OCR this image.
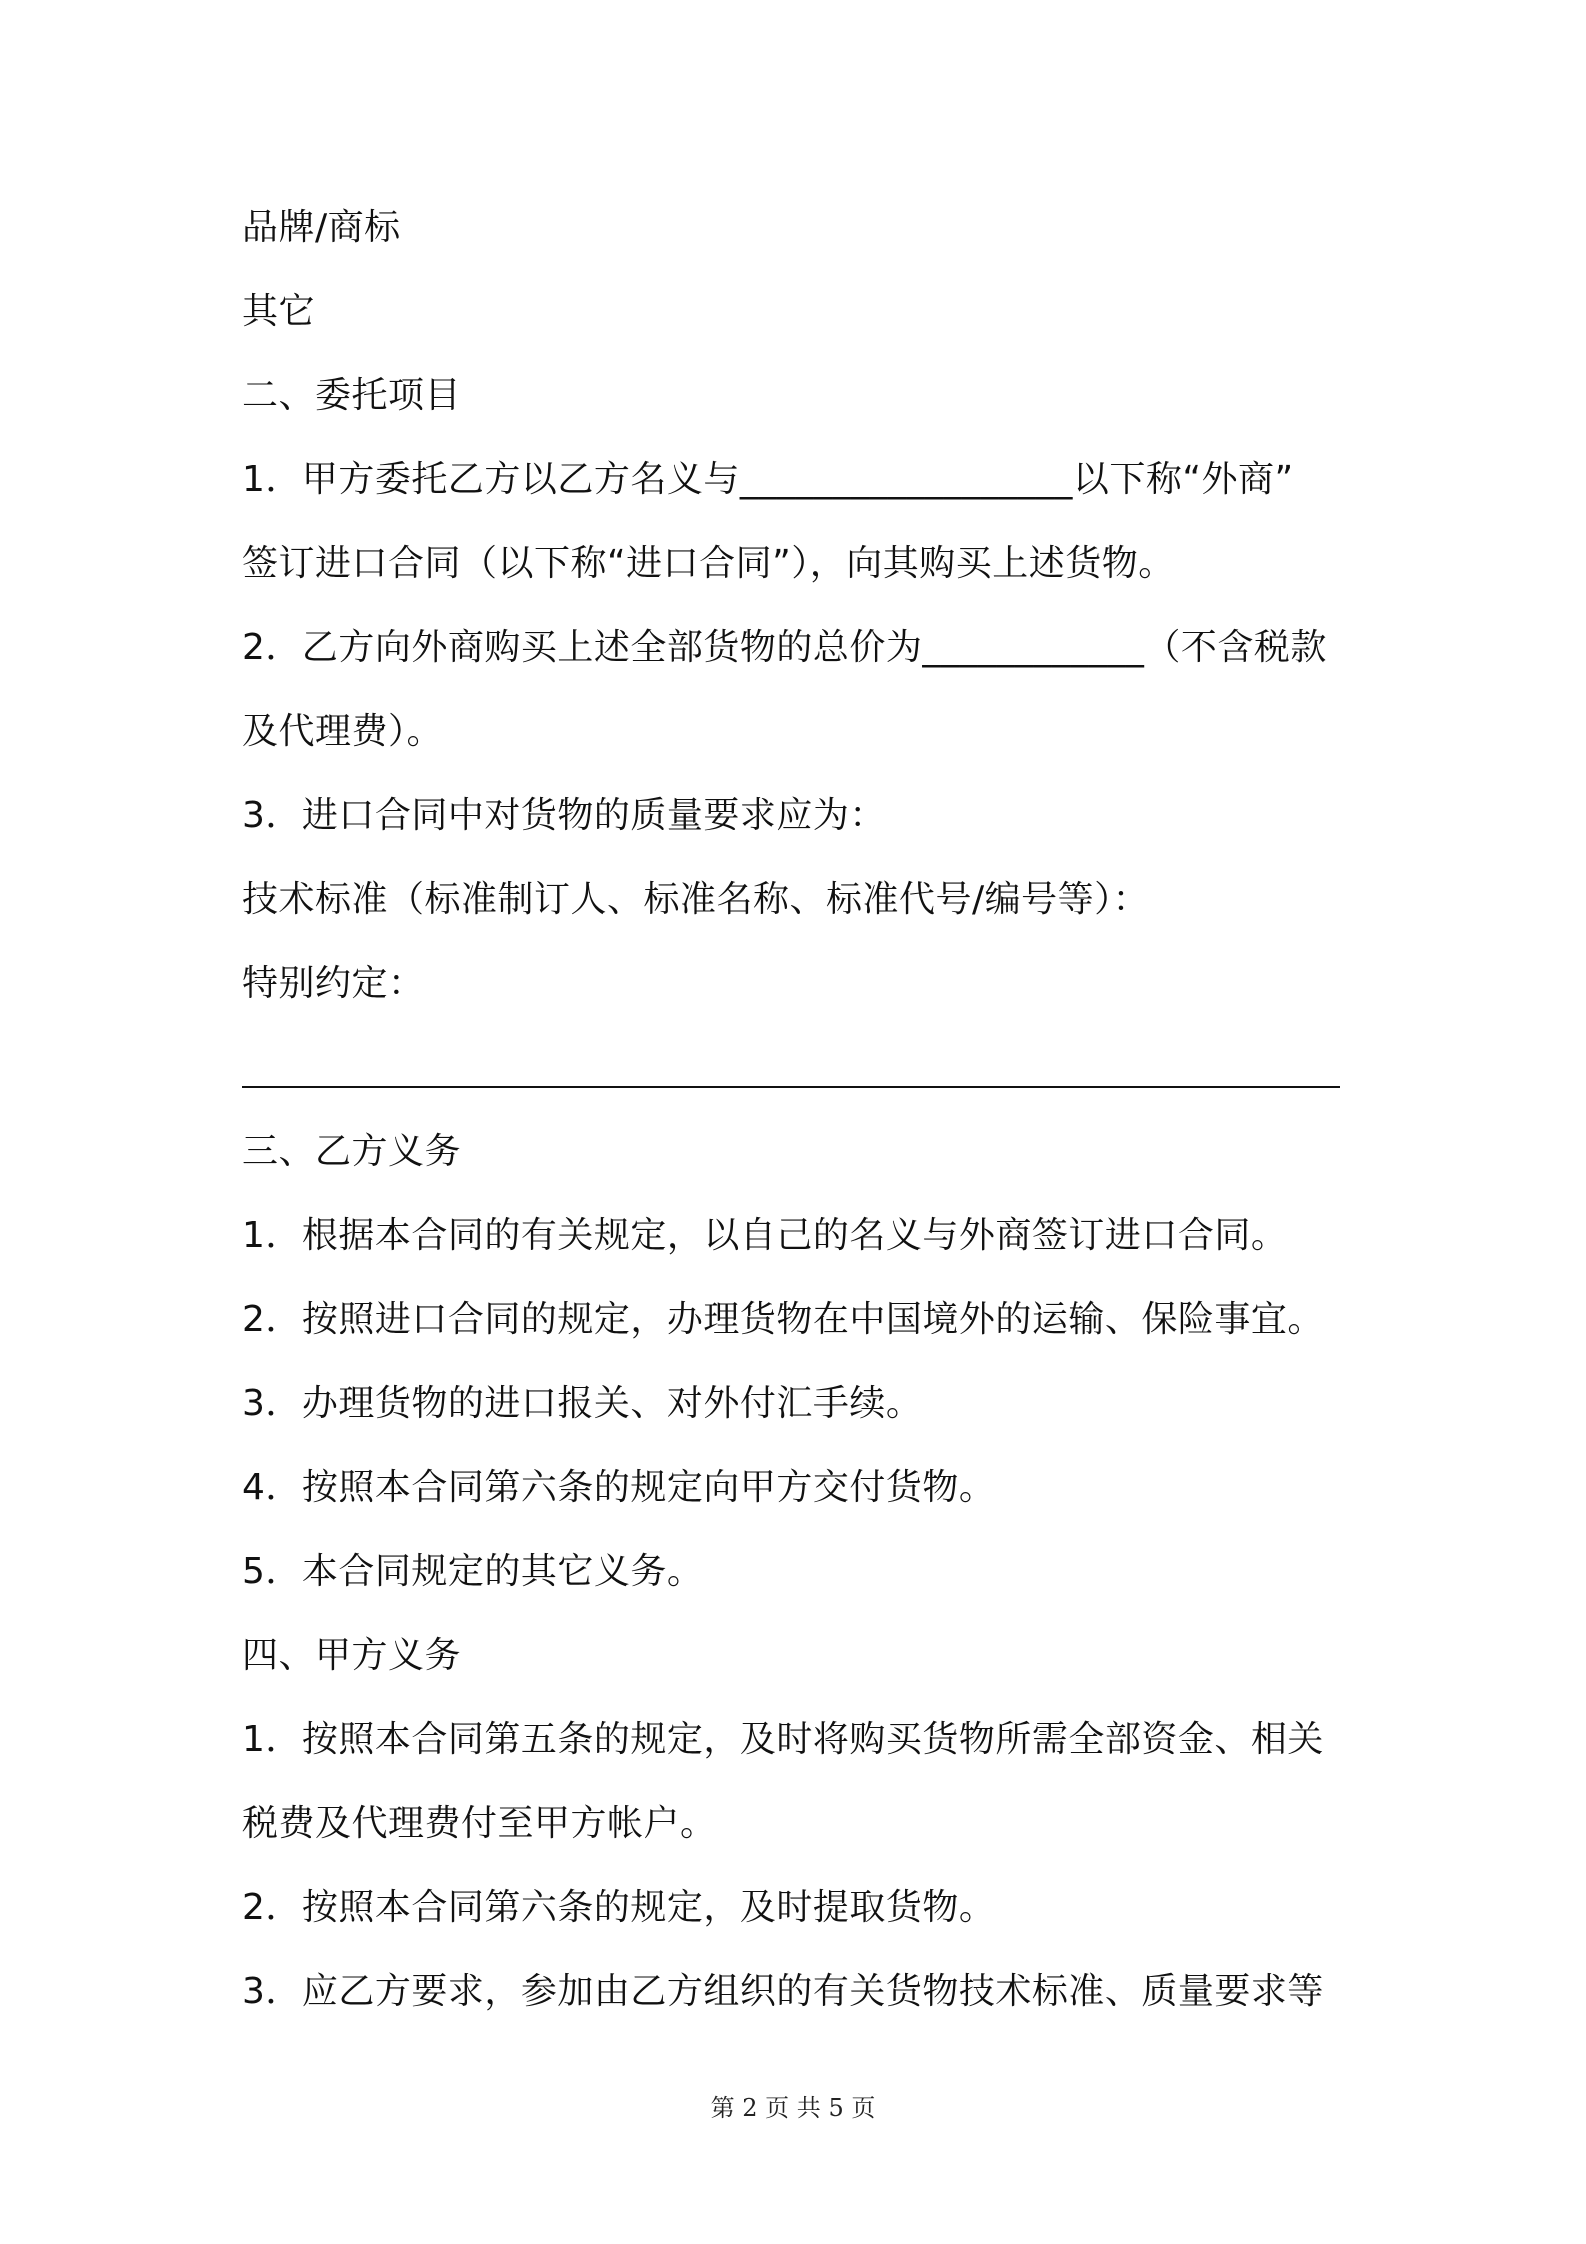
品牌/商标
其它
二、委托项目
1．甲方委托乙方以乙方名义与__________________以下称“外商”
签订进口合同（以下称“进口合同”），向其购买上述货物。
2．乙方向外商购买上述全部货物的总价为____________（不含税款
及代理费）。
3．进口合同中对货物的质量要求应为：
技术标准（标准制订人、标准名称、标准代号/编号等）：
特别约定：
三、乙方义务
1．根据本合同的有关规定，以自己的名义与外商签订进口合同。
2．按照进口合同的规定，办理货物在中国境外的运输、保险事宜。
3．办理货物的进口报关、对外付汇手续。
4．按照本合同第六条的规定向甲方交付货物。
5．本合同规定的其它义务。
四、甲方义务
1．按照本合同第五条的规定，及时将购买货物所需全部资金、相关
税费及代理费付至甲方帐户。
2．按照本合同第六条的规定，及时提取货物。
3．应乙方要求，参加由乙方组织的有关货物技术标准、质量要求等
第 2 页 共 5 页
